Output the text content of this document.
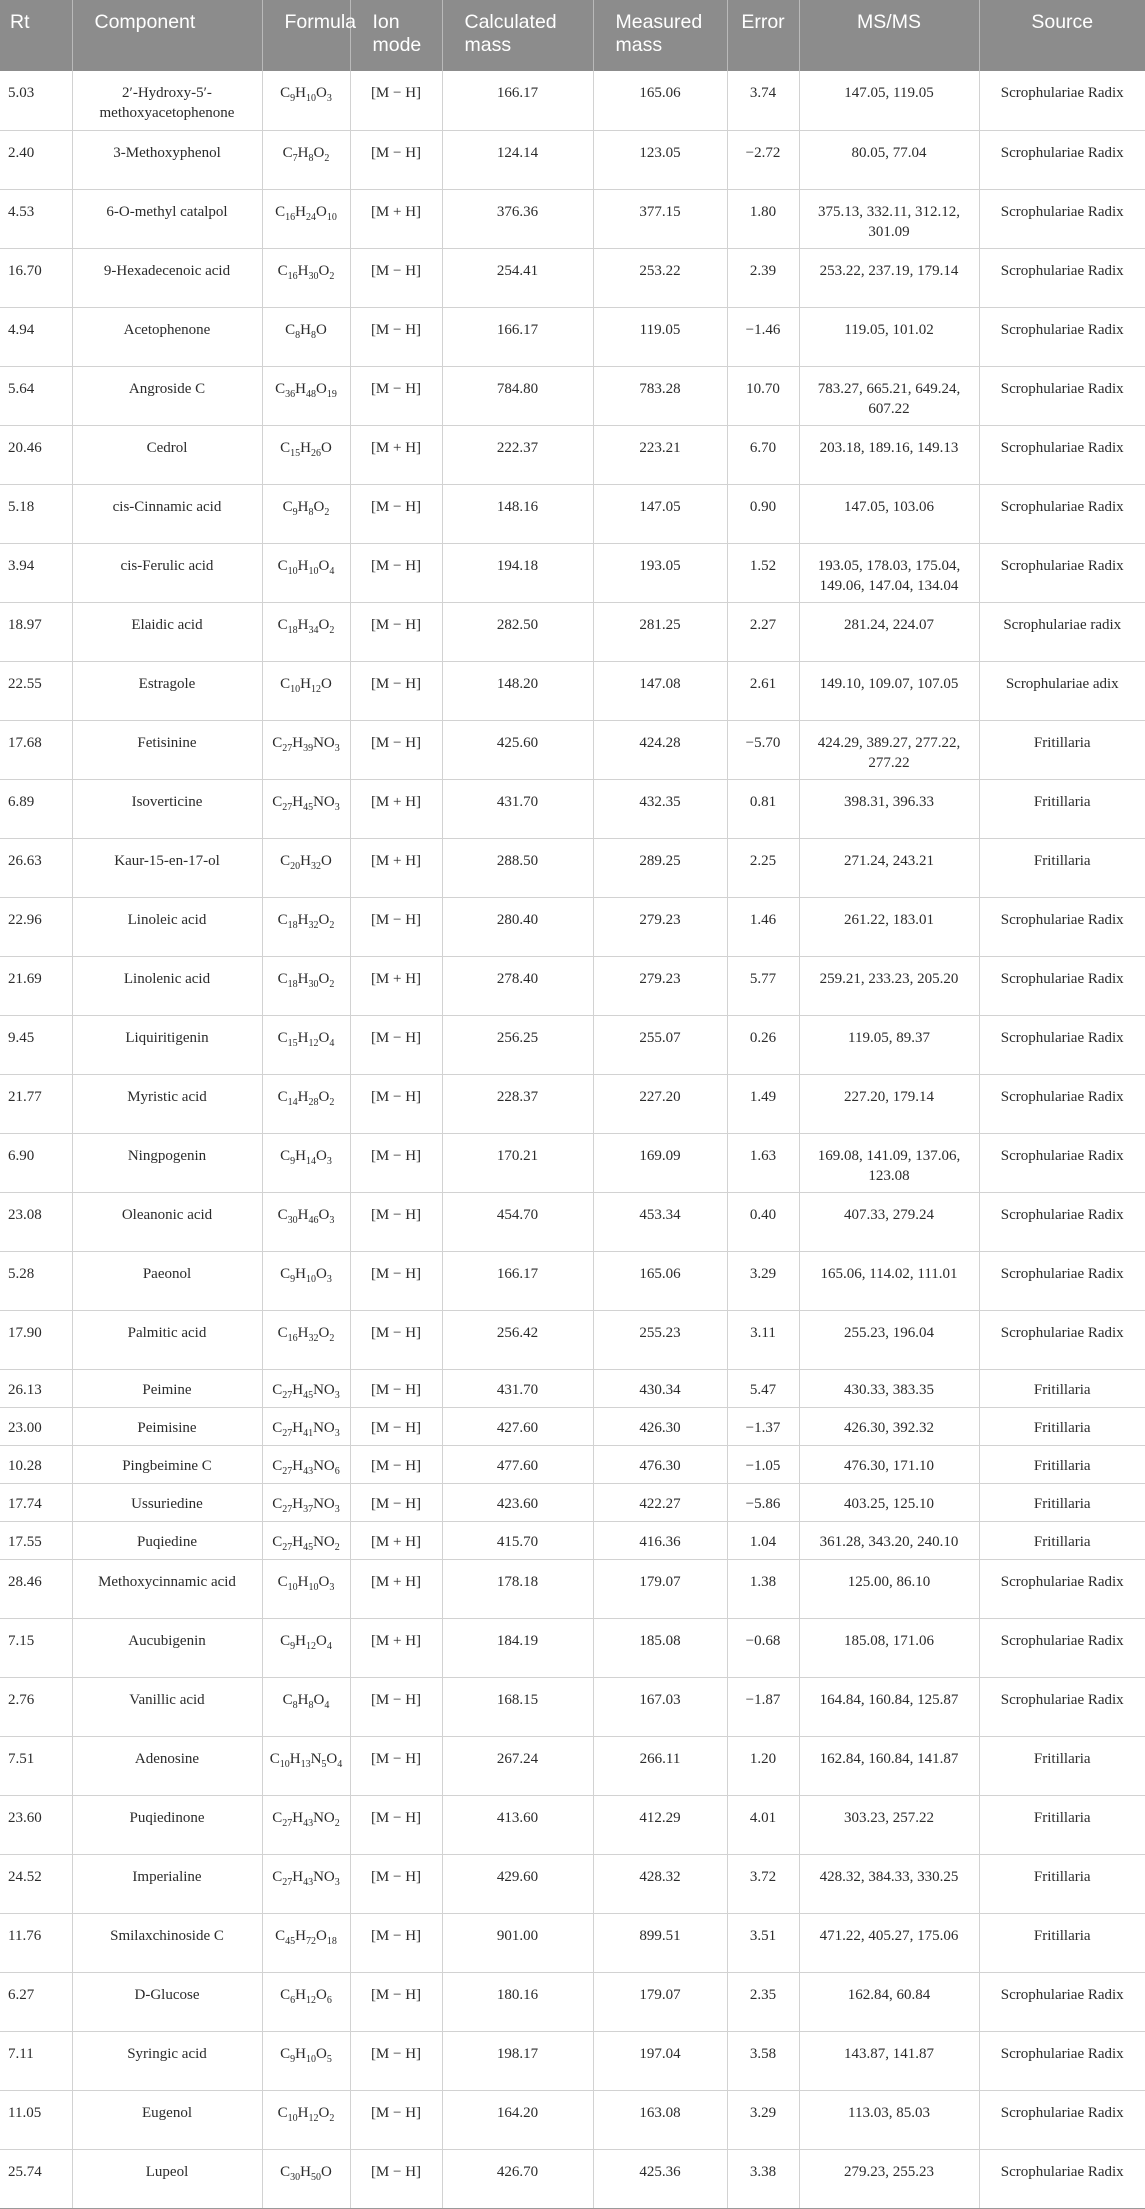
Rt	Component	Formula	Ion mode	Calculated mass	Measured mass	Error	MS/MS	Source
5.03	2′-Hydroxy-5′-methoxyacetophenone	$C_9H_{10}O_3$	[M − H]	166.17	165.06	3.74	147.05, 119.05	Scrophulariae Radix
2.40	3-Methoxyphenol	$C_7H_8O_2$	[M − H]	124.14	123.05	−2.72	80.05, 77.04	Scrophulariae Radix
4.53	6-O-methyl catalpol	$C_{16}H_{24}O_{10}$	[M + H]	376.36	377.15	1.80	375.13, 332.11, 312.12, 301.09	Scrophulariae Radix
16.70	9-Hexadecenoic acid	$C_{16}H_{30}O_2$	[M − H]	254.41	253.22	2.39	253.22, 237.19, 179.14	Scrophulariae Radix
4.94	Acetophenone	$C_8H_8O$	[M − H]	166.17	119.05	−1.46	119.05, 101.02	Scrophulariae Radix
5.64	Angroside C	$C_{36}H_{48}O_{19}$	[M − H]	784.80	783.28	10.70	783.27, 665.21, 649.24, 607.22	Scrophulariae Radix
20.46	Cedrol	$C_{15}H_{26}O$	[M + H]	222.37	223.21	6.70	203.18, 189.16, 149.13	Scrophulariae Radix
5.18	cis-Cinnamic acid	$C_9H_8O_2$	[M − H]	148.16	147.05	0.90	147.05, 103.06	Scrophulariae Radix
3.94	cis-Ferulic acid	$C_{10}H_{10}O_4$	[M − H]	194.18	193.05	1.52	193.05, 178.03, 175.04, 149.06, 147.04, 134.04	Scrophulariae Radix
18.97	Elaidic acid	$C_{18}H_{34}O_2$	[M − H]	282.50	281.25	2.27	281.24, 224.07	Scrophulariae radix
22.55	Estragole	$C_{10}H_{12}O$	[M − H]	148.20	147.08	2.61	149.10, 109.07, 107.05	Scrophulariae adix
17.68	Fetisinine	$C_{27}H_{39}NO_3$	[M − H]	425.60	424.28	−5.70	424.29, 389.27, 277.22, 277.22	Fritillaria
6.89	Isoverticine	$C_{27}H_{45}NO_3$	[M + H]	431.70	432.35	0.81	398.31, 396.33	Fritillaria
26.63	Kaur-15-en-17-ol	$C_{20}H_{32}O$	[M + H]	288.50	289.25	2.25	271.24, 243.21	Fritillaria
22.96	Linoleic acid	$C_{18}H_{32}O_2$	[M − H]	280.40	279.23	1.46	261.22, 183.01	Scrophulariae Radix
21.69	Linolenic acid	$C_{18}H_{30}O_2$	[M + H]	278.40	279.23	5.77	259.21, 233.23, 205.20	Scrophulariae Radix
9.45	Liquiritigenin	$C_{15}H_{12}O_4$	[M − H]	256.25	255.07	0.26	119.05, 89.37	Scrophulariae Radix
21.77	Myristic acid	$C_{14}H_{28}O_2$	[M − H]	228.37	227.20	1.49	227.20, 179.14	Scrophulariae Radix
6.90	Ningpogenin	$C_9H_{14}O_3$	[M − H]	170.21	169.09	1.63	169.08, 141.09, 137.06, 123.08	Scrophulariae Radix
23.08	Oleanonic acid	$C_{30}H_{46}O_3$	[M − H]	454.70	453.34	0.40	407.33, 279.24	Scrophulariae Radix
5.28	Paeonol	$C_9H_{10}O_3$	[M − H]	166.17	165.06	3.29	165.06, 114.02, 111.01	Scrophulariae Radix
17.90	Palmitic acid	$C_{16}H_{32}O_2$	[M − H]	256.42	255.23	3.11	255.23, 196.04	Scrophulariae Radix
26.13	Peimine	$C_{27}H_{45}NO_3$	[M − H]	431.70	430.34	5.47	430.33, 383.35	Fritillaria
23.00	Peimisine	$C_{27}H_{41}NO_3$	[M − H]	427.60	426.30	−1.37	426.30, 392.32	Fritillaria
10.28	Pingbeimine C	$C_{27}H_{43}NO_6$	[M − H]	477.60	476.30	−1.05	476.30, 171.10	Fritillaria
17.74	Ussuriedine	$C_{27}H_{37}NO_3$	[M − H]	423.60	422.27	−5.86	403.25, 125.10	Fritillaria
17.55	Puqiedine	$C_{27}H_{45}NO_2$	[M + H]	415.70	416.36	1.04	361.28, 343.20, 240.10	Fritillaria
28.46	Methoxycinnamic acid	$C_{10}H_{10}O_3$	[M + H]	178.18	179.07	1.38	125.00, 86.10	Scrophulariae Radix
7.15	Aucubigenin	$C_9H_{12}O_4$	[M + H]	184.19	185.08	−0.68	185.08, 171.06	Scrophulariae Radix
2.76	Vanillic acid	$C_8H_8O_4$	[M − H]	168.15	167.03	−1.87	164.84, 160.84, 125.87	Scrophulariae Radix
7.51	Adenosine	$C_{10}H_{13}N_5O_4$	[M − H]	267.24	266.11	1.20	162.84, 160.84, 141.87	Fritillaria
23.60	Puqiedinone	$C_{27}H_{43}NO_2$	[M − H]	413.60	412.29	4.01	303.23, 257.22	Fritillaria
24.52	Imperialine	$C_{27}H_{43}NO_3$	[M − H]	429.60	428.32	3.72	428.32, 384.33, 330.25	Fritillaria
11.76	Smilaxchinoside C	$C_{45}H_{72}O_{18}$	[M − H]	901.00	899.51	3.51	471.22, 405.27, 175.06	Fritillaria
6.27	D-Glucose	$C_6H_{12}O_6$	[M − H]	180.16	179.07	2.35	162.84, 60.84	Scrophulariae Radix
7.11	Syringic acid	$C_9H_{10}O_5$	[M − H]	198.17	197.04	3.58	143.87, 141.87	Scrophulariae Radix
11.05	Eugenol	$C_{10}H_{12}O_2$	[M − H]	164.20	163.08	3.29	113.03, 85.03	Scrophulariae Radix
25.74	Lupeol	$C_{30}H_{50}O$	[M − H]	426.70	425.36	3.38	279.23, 255.23	Scrophulariae Radix
